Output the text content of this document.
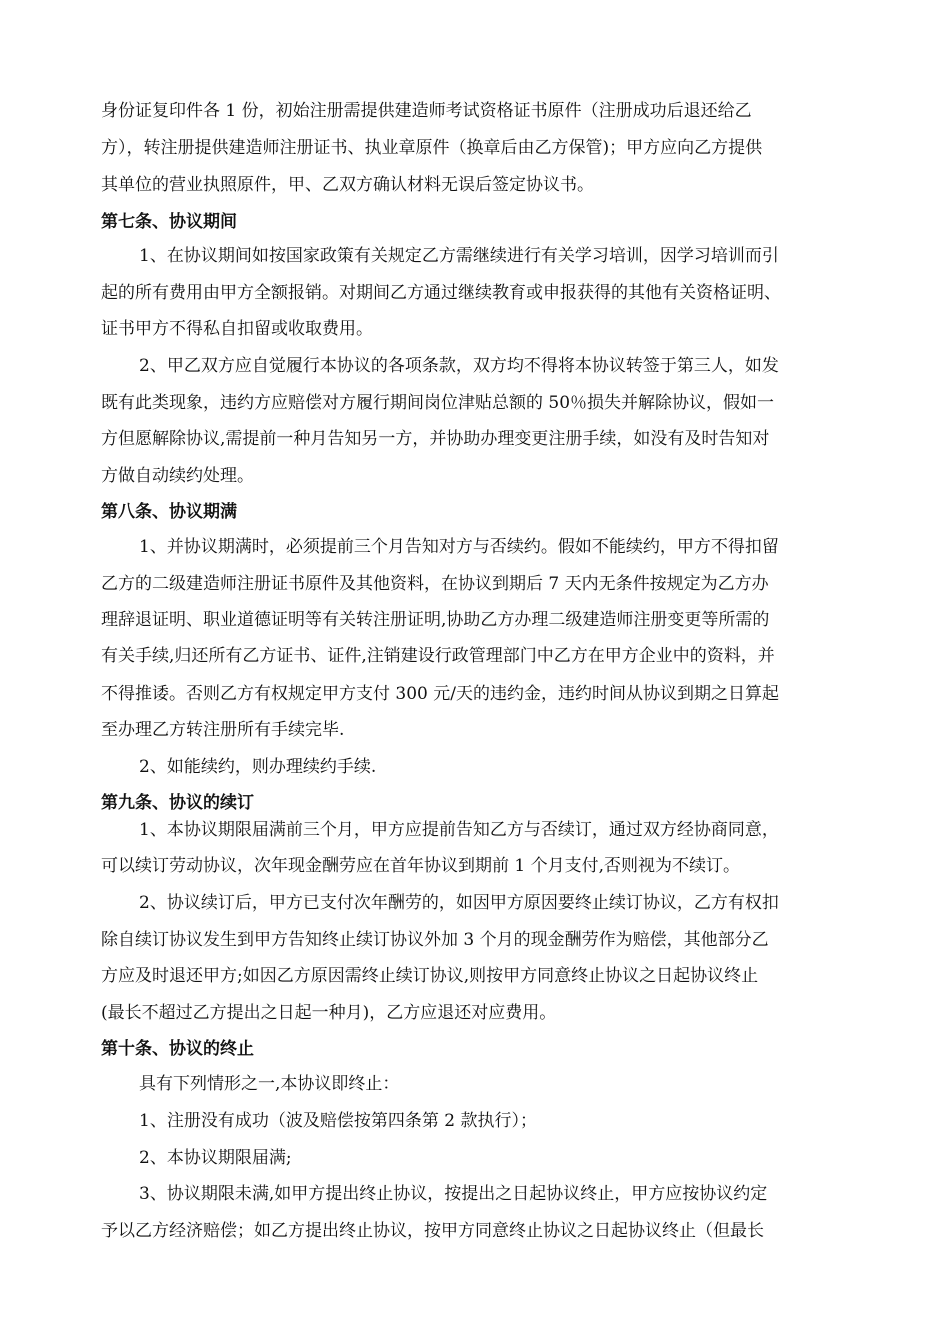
身份证复印件各 1 份，初始注册需提供建造师考试资格证书原件（注册成功后退还给乙

方），转注册提供建造师注册证书、执业章原件（换章后由乙方保管)；甲方应向乙方提供

其单位的营业执照原件，甲、乙双方确认材料无误后签定协议书。

第七条、协议期间

1、在协议期间如按国家政策有关规定乙方需继续进行有关学习培训，因学习培训而引

起的所有费用由甲方全额报销。对期间乙方通过继续教育或申报获得的其他有关资格证明、

证书甲方不得私自扣留或收取费用。

2、甲乙双方应自觉履行本协议的各项条款，双方均不得将本协议转签于第三人，如发

既有此类现象，违约方应赔偿对方履行期间岗位津贴总额的 50％损失并解除协议，假如一

方但愿解除协议,需提前一种月告知另一方，并协助办理变更注册手续，如没有及时告知对

方做自动续约处理。

第八条、协议期满

1、并协议期满时，必须提前三个月告知对方与否续约。假如不能续约，甲方不得扣留

乙方的二级建造师注册证书原件及其他资料，在协议到期后 7 天内无条件按规定为乙方办

理辞退证明、职业道德证明等有关转注册证明,协助乙方办理二级建造师注册变更等所需的

有关手续,归还所有乙方证书、证件,注销建设行政管理部门中乙方在甲方企业中的资料，并

不得推诿。否则乙方有权规定甲方支付 300 元/天的违约金，违约时间从协议到期之日算起

至办理乙方转注册所有手续完毕.

2、如能续约，则办理续约手续.

第九条、协议的续订

1、本协议期限届满前三个月，甲方应提前告知乙方与否续订，通过双方经协商同意，

可以续订劳动协议，次年现金酬劳应在首年协议到期前 1 个月支付,否则视为不续订。

2、协议续订后，甲方已支付次年酬劳的，如因甲方原因要终止续订协议，乙方有权扣

除自续订协议发生到甲方告知终止续订协议外加 3 个月的现金酬劳作为赔偿，其他部分乙

方应及时退还甲方;如因乙方原因需终止续订协议,则按甲方同意终止协议之日起协议终止

(最长不超过乙方提出之日起一种月)，乙方应退还对应费用。

第十条、协议的终止

具有下列情形之一,本协议即终止：

1、注册没有成功（波及赔偿按第四条第 2 款执行）；

2、本协议期限届满;

3、协议期限未满,如甲方提出终止协议，按提出之日起协议终止，甲方应按协议约定

予以乙方经济赔偿；如乙方提出终止协议，按甲方同意终止协议之日起协议终止（但最长
